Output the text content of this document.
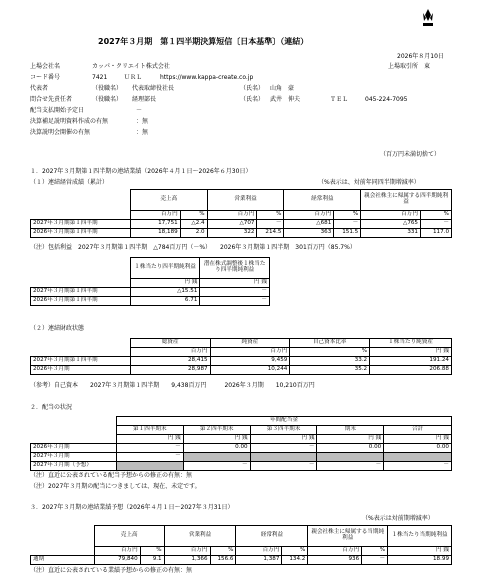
2027年３月期　第１四半期決算短信〔日本基準〕（連結）
2026年８月10日
上場取引所　東
上場会社名	カッパ・クリエイト株式会社
コード番号	7421	ＵＲＬ	https://www.kappa-create.co.jp
代表者	（役職名） 代表取締役社長	（氏名） 山角　豪
問合せ先責任者	（役職名） 経理部長	（氏名） 武井　伸夫	ＴＥＬ	045-224-7095
配当支払開始予定日	－
決算補足説明資料作成の有無	：無
決算説明会開催の有無	：無
（百万円未満切捨て）
１．2027年３月期第１四半期の連結業績（2026年４月１日～2026年６月30日）
（１）連結経営成績（累計）	（%表示は、対前年同四半期増減率）
	売上高		営業利益		経常利益		親会社株主に帰属する四半期純利益	
	百万円	%	百万円	%	百万円	%	百万円	%
2027年３月期第１四半期	17,751	△2.4	△707	－	△681	－	△765	－
2026年３月期第１四半期	18,189	2.0	322	214.5	363	151.5	331	117.0
（注）包括利益　2027年３月期第１四半期　△784百万円（－%）　　2026年３月期第１四半期　301百万円（85.7%）
	１株当たり四半期純利益	潜在株式調整後１株当たり四半期純利益
	円 銭	円 銭
2027年３月期第１四半期	△15.51	－
2026年３月期第１四半期	6.71	－
（２）連結財政状態
	総資産	純資産	自己資本比率	１株当たり純資産
	百万円	百万円	%	円 銭
2027年３月期第１四半期	28,415	9,459	33.2	191.24
2026年３月期	28,987	10,244	35.2	206.88
（参考）自己資本　　2027年３月期第１四半期　　9,438百万円　　　2026年３月期　　10,210百万円
２．配当の状況
	年間配当金				
	第１四半期末	第２四半期末	第３四半期末	期末	合計
	円 銭	円 銭	円 銭	円 銭	円 銭
2026年３月期	－	0.00	－	0.00	0.00
2027年３月期	－				
2027年３月期（予想）		－	－	－	－
（注）直近に公表されている配当予想からの修正の有無：無
（注）2027年３月期の配当につきましては、現在、未定です。
３．2027年３月期の連結業績予想（2026年４月１日～2027年３月31日）
（%表示は対前期増減率）
	売上高		営業利益		経常利益		親会社株主に帰属する当期純利益		１株当たり当期純利益
	百万円	%	百万円	%	百万円	%	百万円	%	円 銭
通期	79,840	9.1	1,366	156.6	1,387	134.2	936	－	18.99
（注）直近に公表されている業績予想からの修正の有無：無
